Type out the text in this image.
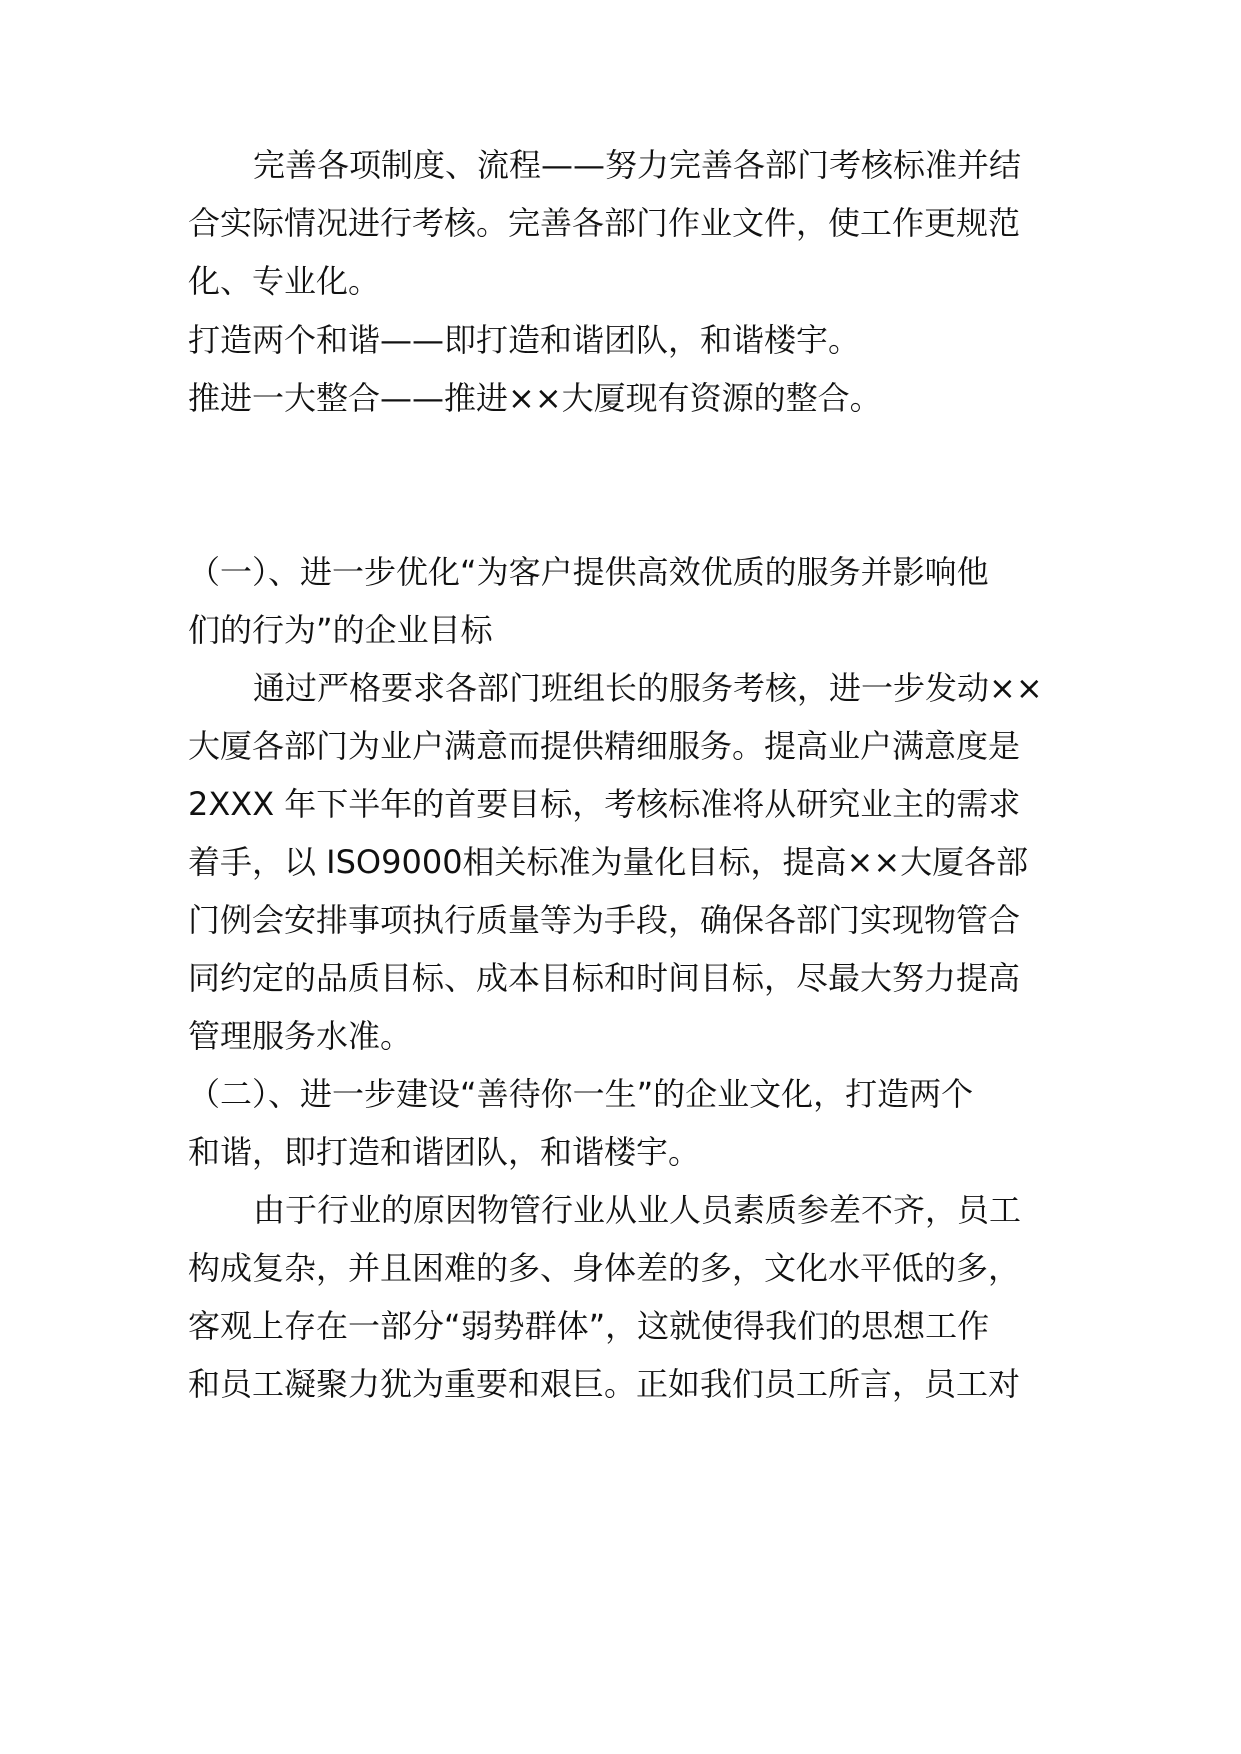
完善各项制度、流程——努力完善各部门考核标准并结
合实际情况进行考核。完善各部门作业文件，使工作更规范
化、专业化。
打造两个和谐——即打造和谐团队，和谐楼宇。
推进一大整合——推进××大厦现有资源的整合。
（一）、进一步优化“为客户提供高效优质的服务并影响他
们的行为”的企业目标
通过严格要求各部门班组长的服务考核，进一步发动××
大厦各部门为业户满意而提供精细服务。提高业户满意度是
2XXX 年下半年的首要目标，考核标准将从研究业主的需求
着手，以 ISO9000相关标准为量化目标，提高××大厦各部
门例会安排事项执行质量等为手段，确保各部门实现物管合
同约定的品质目标、成本目标和时间目标，尽最大努力提高
管理服务水准。
（二）、进一步建设“善待你一生”的企业文化，打造两个
和谐，即打造和谐团队，和谐楼宇。
由于行业的原因物管行业从业人员素质参差不齐，员工
构成复杂，并且困难的多、身体差的多，文化水平低的多，
客观上存在一部分“弱势群体”，这就使得我们的思想工作
和员工凝聚力犹为重要和艰巨。正如我们员工所言，员工对
